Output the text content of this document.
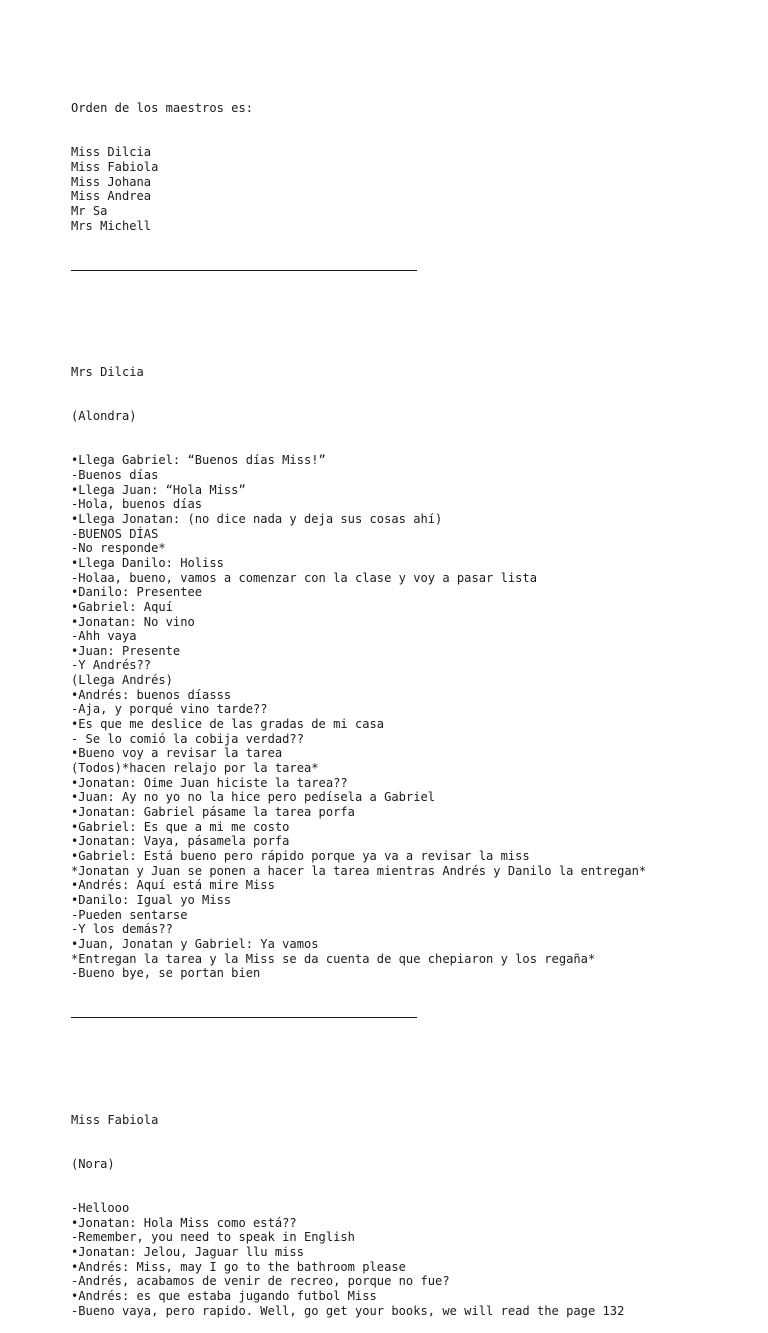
Orden de los maestros es:

Miss Dilcia
Miss Fabiola
Miss Johana
Miss Andrea
Mr Sa
Mrs Michell

Mrs Dilcia

(Alondra)

•Llega Gabriel: “Buenos días Miss!”
-Buenos días
•Llega Juan: “Hola Miss”
-Hola, buenos días
•Llega Jonatan: (no dice nada y deja sus cosas ahí)
-BUENOS DÍAS
-No responde*
•Llega Danilo: Holiss
-Holaa, bueno, vamos a comenzar con la clase y voy a pasar lista
•Danilo: Presentee
•Gabriel: Aquí
•Jonatan: No vino
-Ahh vaya
•Juan: Presente
-Y Andrés??
(Llega Andrés)
•Andrés: buenos díasss
-Aja, y porqué vino tarde??
•Es que me deslice de las gradas de mi casa
- Se lo comió la cobija verdad??
•Bueno voy a revisar la tarea
(Todos)*hacen relajo por la tarea*
•Jonatan: Oime Juan hiciste la tarea??
•Juan: Ay no yo no la hice pero pedísela a Gabriel
•Jonatan: Gabriel pásame la tarea porfa
•Gabriel: Es que a mi me costo
•Jonatan: Vaya, pásamela porfa
•Gabriel: Está bueno pero rápido porque ya va a revisar la miss
*Jonatan y Juan se ponen a hacer la tarea mientras Andrés y Danilo la entregan*
•Andrés: Aquí está mire Miss
•Danilo: Igual yo Miss
-Pueden sentarse
-Y los demás??
•Juan, Jonatan y Gabriel: Ya vamos
*Entregan la tarea y la Miss se da cuenta de que chepiaron y los regaña*
-Bueno bye, se portan bien

Miss Fabiola

(Nora)

-Hellooo
•Jonatan: Hola Miss como está??
-Remember, you need to speak in English
•Jonatan: Jelou, Jaguar llu miss
•Andrés: Miss, may I go to the bathroom please
-Andrés, acabamos de venir de recreo, porque no fue?
•Andrés: es que estaba jugando futbol Miss
-Bueno vaya, pero rapido. Well, go get your books, we will read the page 132
